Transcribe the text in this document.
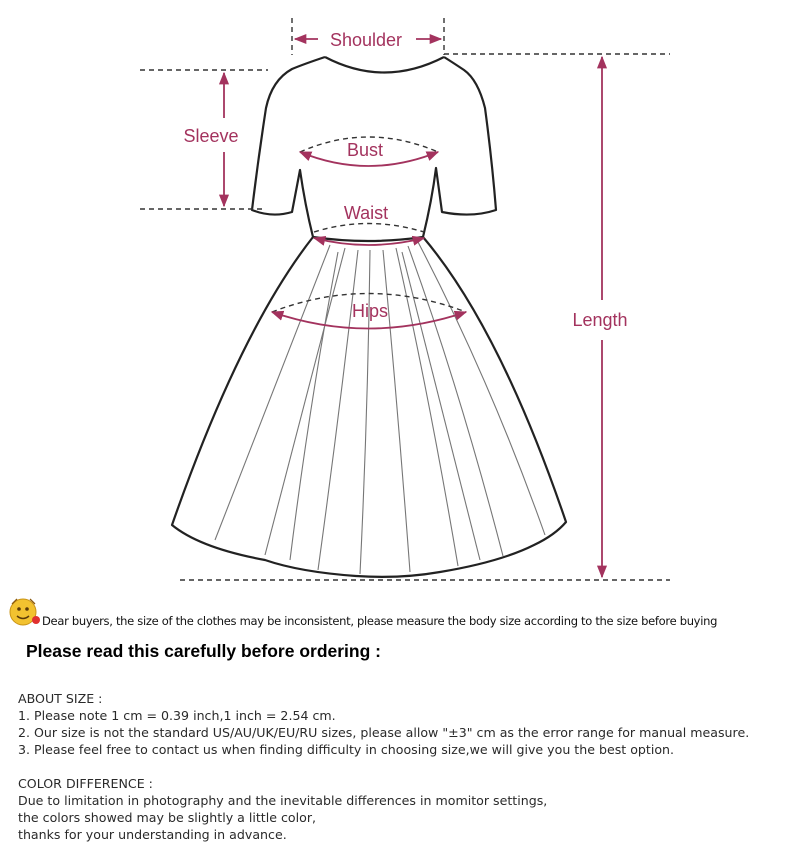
Shoulder
Sleeve
Bust
Waist
Hips	Length
Dear buyers, the size of the clothes may be inconsistent, please measure the body size according to the size before buying
Please read this carefully before ordering :

ABOUT SIZE :

1. Please note 1 cm = 0.39 inch,1 inch = 2.54 cm.

2. Our size is not the standard US/AU/UK/EU/RU sizes, please allow "±3" cm as the error range for manual measure.

3. Please feel free to contact us when finding difficulty in choosing size,we will give you the best option.

COLOR DIFFERENCE :

Due to limitation in photography and the inevitable differences in momitor settings,

the colors showed may be slightly a little color,

thanks for your understanding in advance.
